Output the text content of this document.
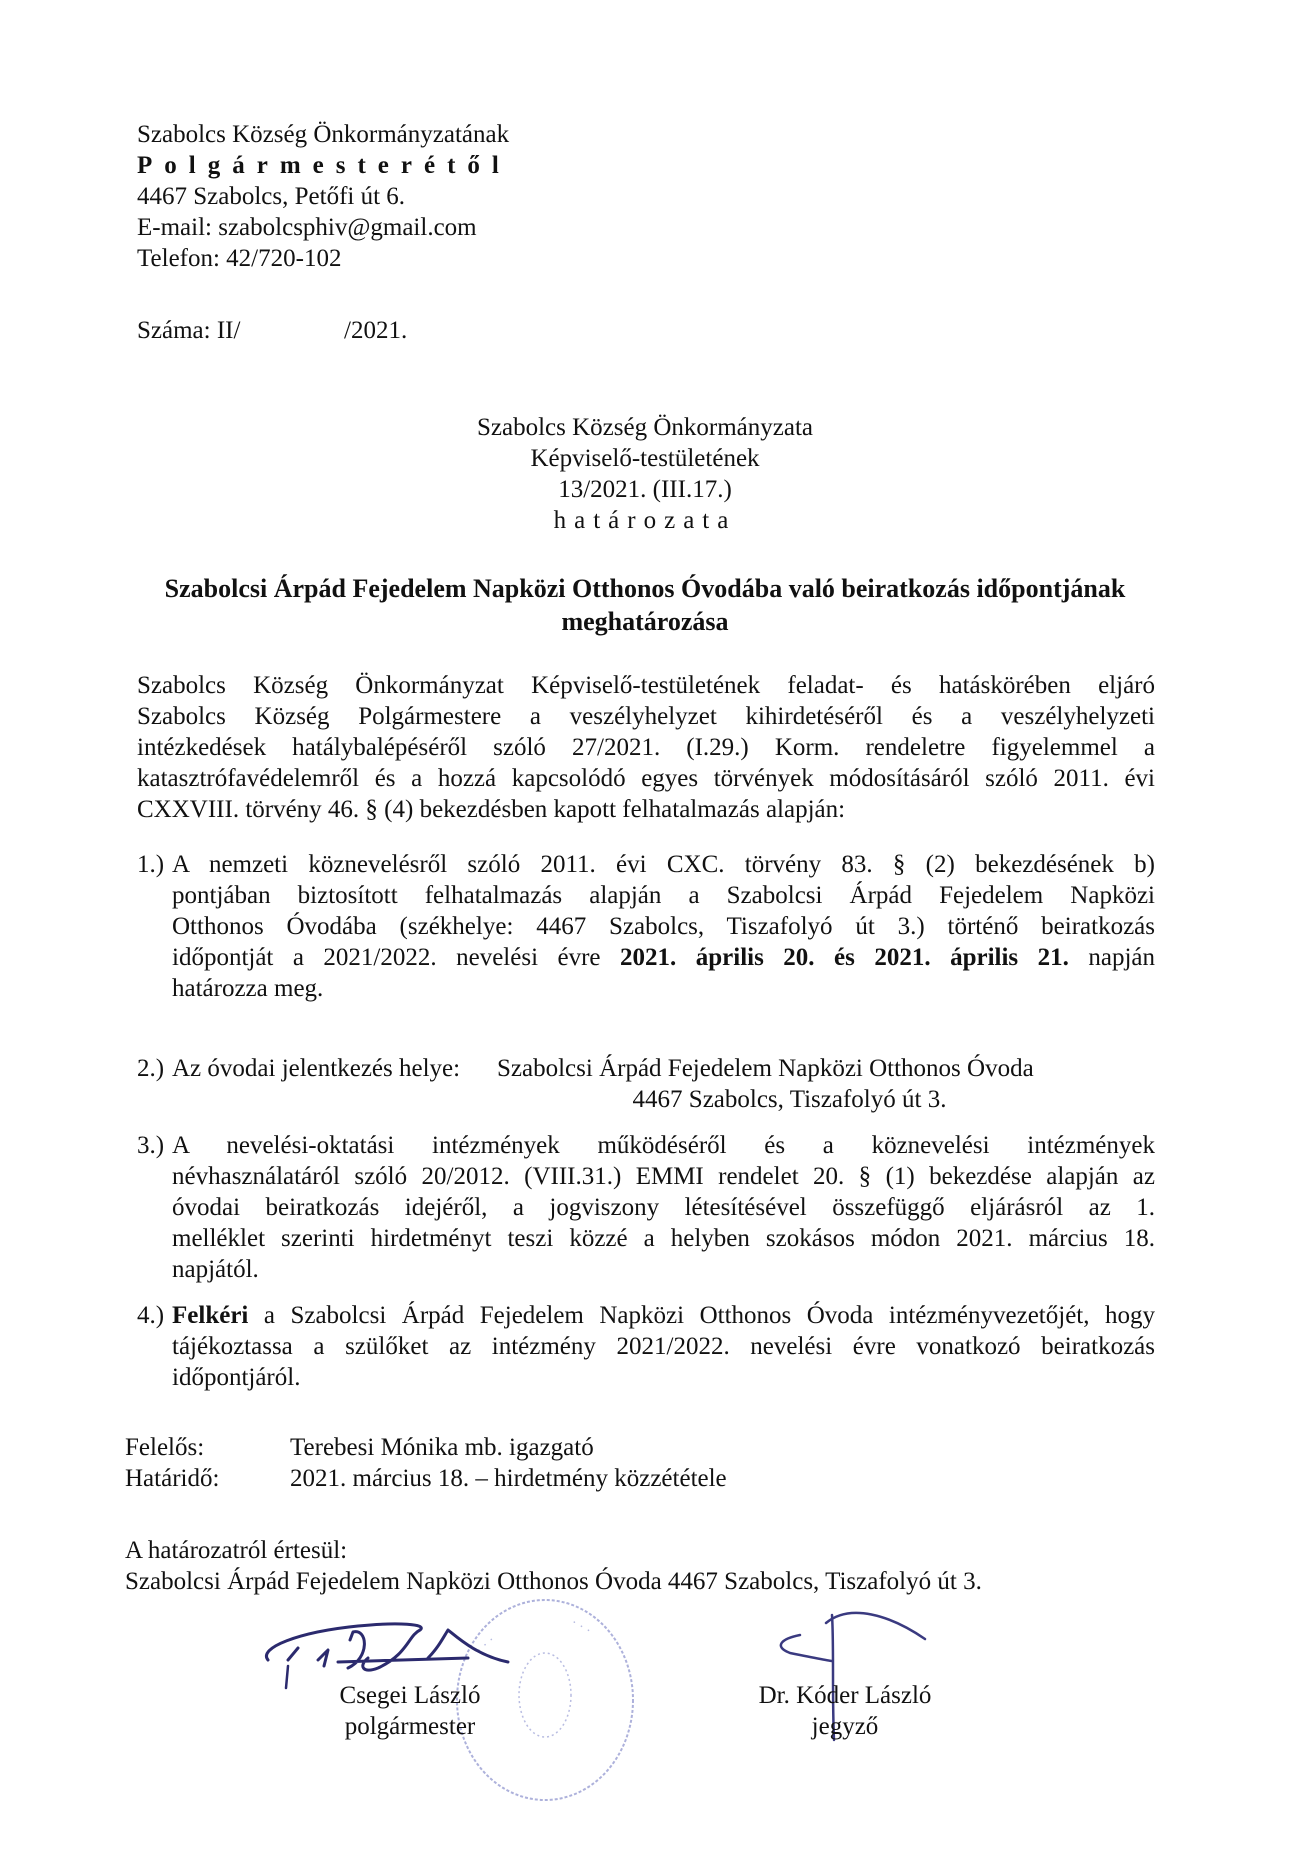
Szabolcs Község Önkormányzatának
Polgármesterétől
4467 Szabolcs, Petőfi út 6.
E-mail: szabolcsphiv@gmail.com
Telefon: 42/720-102
Száma: II/	/2021.
Szabolcs Község Önkormányzata
Képviselő-testületének
13/2021. (III.17.)
határozata
Szabolcsi Árpád Fejedelem Napközi Otthonos Óvodába való beiratkozás időpontjának
meghatározása
Szabolcs Község Önkormányzat Képviselő-testületének feladat- és hatáskörében eljáró
Szabolcs Község Polgármestere a veszélyhelyzet kihirdetéséről és a veszélyhelyzeti
intézkedések hatálybalépéséről szóló 27/2021. (I.29.) Korm. rendeletre figyelemmel a
katasztrófavédelemről és a hozzá kapcsolódó egyes törvények módosításáról szóló 2011. évi
CXXVIII. törvény 46. § (4) bekezdésben kapott felhatalmazás alapján:
1.) A nemzeti köznevelésről szóló 2011. évi CXC. törvény 83. § (2) bekezdésének b)
pontjában biztosított felhatalmazás alapján a Szabolcsi Árpád Fejedelem Napközi
Otthonos Óvodába (székhelye: 4467 Szabolcs, Tiszafolyó út 3.) történő beiratkozás
időpontját a 2021/2022. nevelési évre 2021. április 20. és 2021. április 21. napján
határozza meg.
2.) Az óvodai jelentkezés helye: Szabolcsi Árpád Fejedelem Napközi Otthonos Óvoda
4467 Szabolcs, Tiszafolyó út 3.
3.) A nevelési-oktatási intézmények működéséről és a köznevelési intézmények
névhasználatáról szóló 20/2012. (VIII.31.) EMMI rendelet 20. § (1) bekezdése alapján az
óvodai beiratkozás idejéről, a jogviszony létesítésével összefüggő eljárásról az 1.
melléklet szerinti hirdetményt teszi közzé a helyben szokásos módon 2021. március 18.
napjától.
4.) Felkéri a Szabolcsi Árpád Fejedelem Napközi Otthonos Óvoda intézményvezetőjét, hogy
tájékoztassa a szülőket az intézmény 2021/2022. nevelési évre vonatkozó beiratkozás
időpontjáról.
Felelős:	Terebesi Mónika mb. igazgató
Határidő:	2021. március 18. – hirdetmény közzététele
A határozatról értesül:
Szabolcsi Árpád Fejedelem Napközi Otthonos Óvoda 4467 Szabolcs, Tiszafolyó út 3.
· · ·
· · ·
Csegei László
polgármester
Dr. Kóder László
jegyző
